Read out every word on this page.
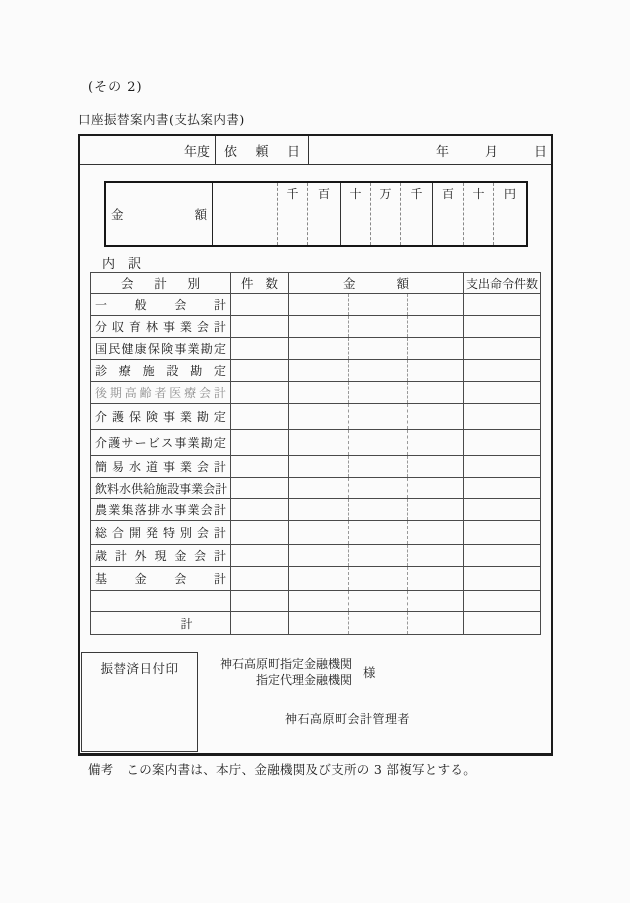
(その 2)
口座振替案内書(支払案内書)
年度 依 頼 日	年	月	日
金	額
千 百 十 万 千 百 十 円
内　訳
会 計 別	件 数	金 額			支出命令件数

一 般 会 計					

分 収 育 林 事 業 会 計

国 民 健 康 保 険 事 業 勘 定

診 療 施 設 勘 定

後 期 高 齢 者 医 療 会 計

介 護 保 険 事 業 勘 定

介 護 サ ー ビ ス 事 業 勘 定

簡 易 水 道 事 業 会 計

飲 料 水 供 給 施 設 事 業 会 計

農 業 集 落 排 水 事 業 会 計

総 合 開 発 特 別 会 計

歳 計 外 現 金 会 計

基 金 会 計					

計					

振替済日付印	神石高原町指定金融機関
指定代理金融機関 様
神石高原町会計管理者
備考　この案内書は、本庁、金融機関及び支所の 3 部複写とする。
